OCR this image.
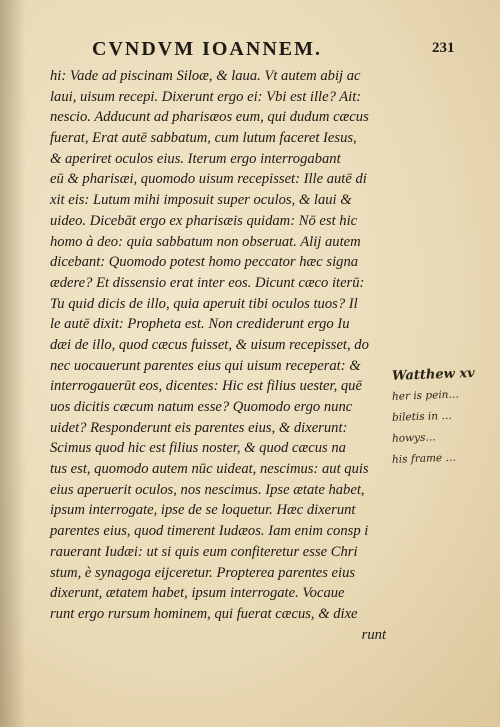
CVNDVM IOANNEM.	231
hi: Vade ad piscinam Siloæ, & laua. Vt autem abij ac
laui, uisum recepi. Dixerunt ergo ei: Vbi est ille? Ait:
nescio. Adducunt ad pharisæos eum, qui dudum cæcus
fuerat, Erat autē sabbatum, cum lutum faceret Iesus,
& aperiret oculos eius. Iterum ergo interrogabant
eū & pharisæi, quomodo uisum recepisset: Ille autē di
xit eis: Lutum mihi imposuit super oculos, & laui &
uideo. Dicebāt ergo ex pharisæis quidam: Nō est hic
homo à deo: quia sabbatum non obseruat. Alij autem
dicebant: Quomodo potest homo peccator hæc signa
ædere? Et dissensio erat inter eos. Dicunt cæco iterū:
Tu quid dicis de illo, quia aperuit tibi oculos tuos? Il
le autē dixit: Propheta est. Non crediderunt ergo Iu
dæi de illo, quod cæcus fuisset, & uisum recepisset, do
nec uocauerunt parentes eius qui uisum receperat: &
interrogauerūt eos, dicentes: Hic est filius uester, quē
uos dicitis cæcum natum esse? Quomodo ergo nunc
uidet? Responderunt eis parentes eius, & dixerunt:
Scimus quod hic est filius noster, & quod cæcus na
tus est, quomodo autem nūc uideat, nescimus: aut quis
eius aperuerit oculos, nos nescimus. Ipse ætate habet,
ipsum interrogate, ipse de se loquetur. Hæc dixerunt
parentes eius, quod timerent Iudæos. Iam enim consp i
rauerant Iudæi: ut si quis eum confiteretur esse Chri
stum, è synagoga eijceretur. Propterea parentes eius
dixerunt, ætatem habet, ipsum interrogate. Vocaue
runt ergo rursum hominem, qui fuerat cæcus, & dixe
runt
Watthew xv
her is pein…
biletis in …
howys…
his frame …
